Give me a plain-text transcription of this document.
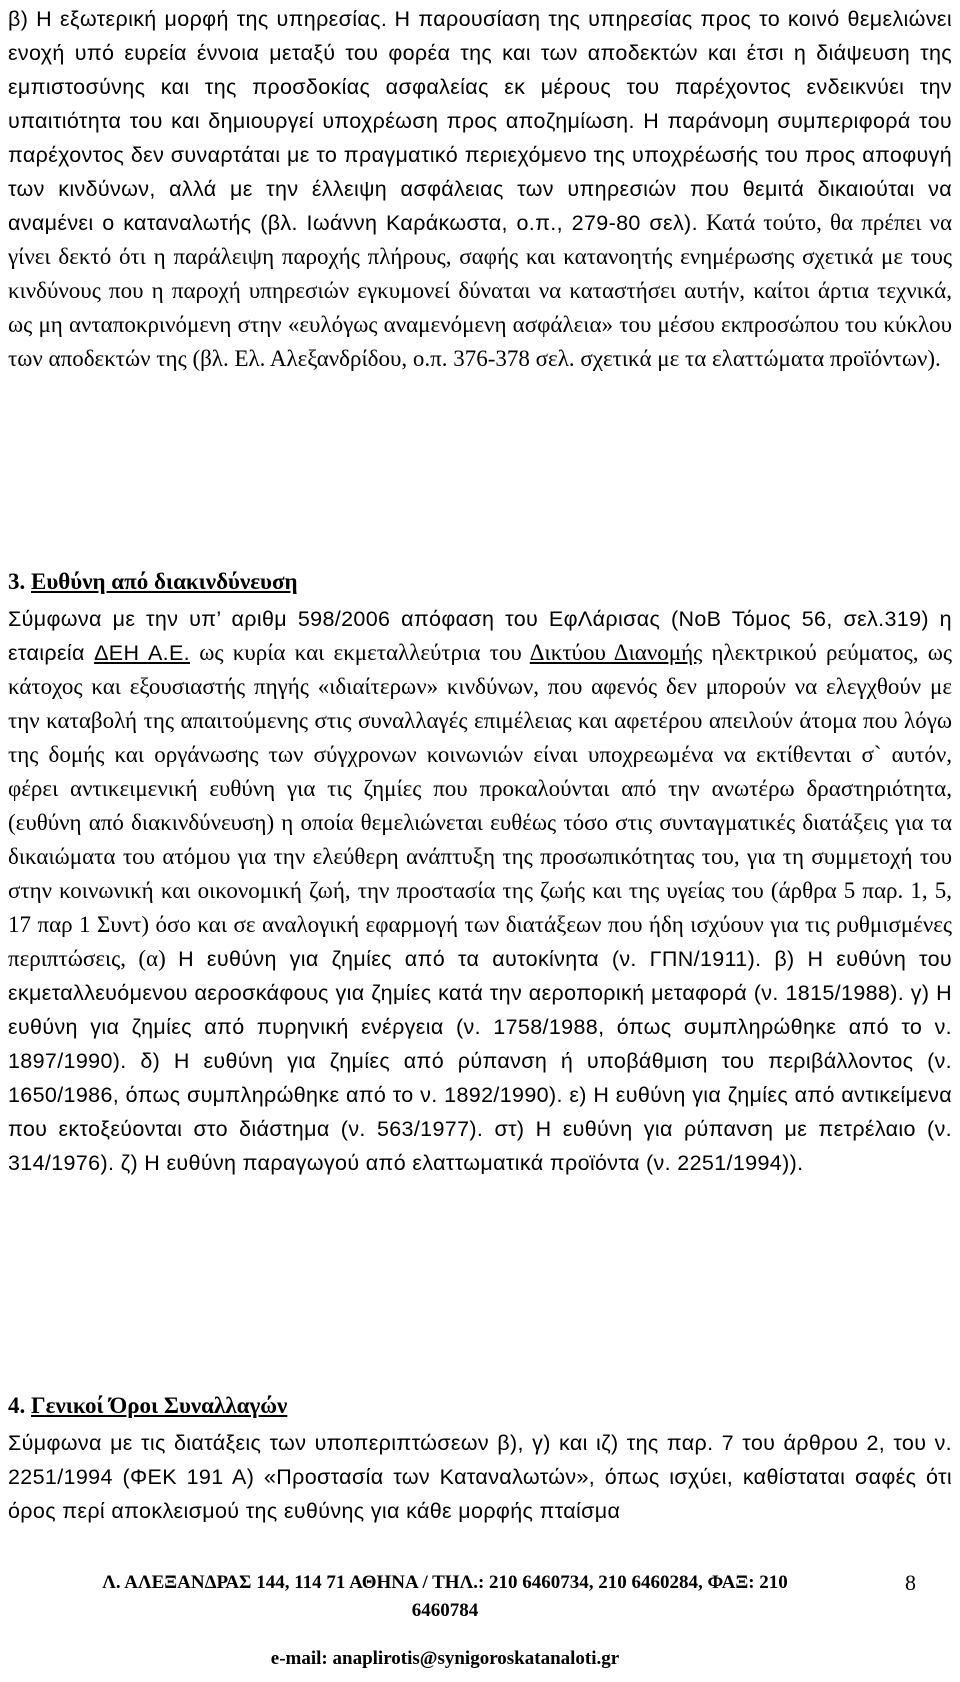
β) Η εξωτερική μορφή της υπηρεσίας. Η παρουσίαση της υπηρεσίας προς το κοινό θεμελιώνει ενοχή υπό ευρεία έννοια μεταξύ του φορέα της και των αποδεκτών και έτσι η διάψευση της εμπιστοσύνης και της προσδοκίας ασφαλείας εκ μέρους του παρέχοντος ενδεικνύει την υπαιτιότητα του και δημιουργεί υποχρέωση προς αποζημίωση. Η παράνομη συμπεριφορά του παρέχοντος δεν συναρτάται με το πραγματικό περιεχόμενο της υποχρέωσής του προς αποφυγή των κινδύνων, αλλά με την έλλειψη ασφάλειας των υπηρεσιών που θεμιτά δικαιούται να αναμένει ο καταναλωτής (βλ. Ιωάννη Καράκωστα, ο.π., 279-80 σελ). Κατά τούτο, θα πρέπει να γίνει δεκτό ότι η παράλειψη παροχής πλήρους, σαφής και κατανοητής ενημέρωσης σχετικά με τους κινδύνους που η παροχή υπηρεσιών εγκυμονεί δύναται να καταστήσει αυτήν, καίτοι άρτια τεχνικά, ως μη ανταποκρινόμενη στην «ευλόγως αναμενόμενη ασφάλεια» του μέσου εκπροσώπου του κύκλου των αποδεκτών της (βλ. Ελ. Αλεξανδρίδου, ο.π. 376-378 σελ. σχετικά με τα ελαττώματα προϊόντων).

3. Ευθύνη από διακινδύνευση

Σύμφωνα με την υπ’ αριθμ 598/2006 απόφαση του ΕφΛάρισας (ΝοΒ Τόμος 56, σελ.319) η εταιρεία ΔΕΗ Α.Ε. ως κυρία και εκμεταλλεύτρια του Δικτύου Διανομής ηλεκτρικού ρεύματος, ως κάτοχος και εξουσιαστής πηγής «ιδιαίτερων» κινδύνων, που αφενός δεν μπορούν να ελεγχθούν με την καταβολή της απαιτούμενης στις συναλλαγές επιμέλειας και αφετέρου απειλούν άτομα που λόγω της δομής και οργάνωσης των σύγχρονων κοινωνιών είναι υποχρεωμένα να εκτίθενται σ` αυτόν, φέρει αντικειμενική ευθύνη για τις ζημίες που προκαλούνται από την ανωτέρω δραστηριότητα, (ευθύνη από διακινδύνευση) η οποία θεμελιώνεται ευθέως τόσο στις συνταγματικές διατάξεις για τα δικαιώματα του ατόμου για την ελεύθερη ανάπτυξη της προσωπικότητας του, για τη συμμετοχή του στην κοινωνική και οικονομική ζωή, την προστασία της ζωής και της υγείας του (άρθρα 5 παρ. 1, 5, 17 παρ 1 Συντ) όσο και σε αναλογική εφαρμογή των διατάξεων που ήδη ισχύουν για τις ρυθμισμένες περιπτώσεις, (α) Η ευθύνη για ζημίες από τα αυτοκίνητα (ν. ΓΠΝ/1911). β) Η ευθύνη του εκμεταλλευόμενου αεροσκάφους για ζημίες κατά την αεροπορική μεταφορά (ν. 1815/1988). γ) Η ευθύνη για ζημίες από πυρηνική ενέργεια (ν. 1758/1988, όπως συμπληρώθηκε από το ν. 1897/1990). δ) Η ευθύνη για ζημίες από ρύπανση ή υποβάθμιση του περιβάλλοντος (ν. 1650/1986, όπως συμπληρώθηκε από το ν. 1892/1990). ε) Η ευθύνη για ζημίες από αντικείμενα που εκτοξεύονται στο διάστημα (ν. 563/1977). στ) Η ευθύνη για ρύπανση με πετρέλαιο (ν. 314/1976). ζ) Η ευθύνη παραγωγού από ελαττωματικά προϊόντα (ν. 2251/1994)).

4. Γενικοί Όροι Συναλλαγών

Σύμφωνα με τις διατάξεις των υποπεριπτώσεων β), γ) και ιζ) της παρ. 7 του άρθρου 2, του ν. 2251/1994 (ΦΕΚ 191 Α) «Προστασία των Καταναλωτών», όπως ισχύει, καθίσταται σαφές ότι όρος περί αποκλεισμού της ευθύνης για κάθε μορφής πταίσμα

Λ. ΑΛΕΞΑΝΔΡΑΣ 144, 114 71 ΑΘΗΝΑ / ΤΗΛ.: 210 6460734, 210 6460284, ΦΑΞ: 210
6460784
e-mail: anaplirotis@synigoroskatanaloti.gr
8
